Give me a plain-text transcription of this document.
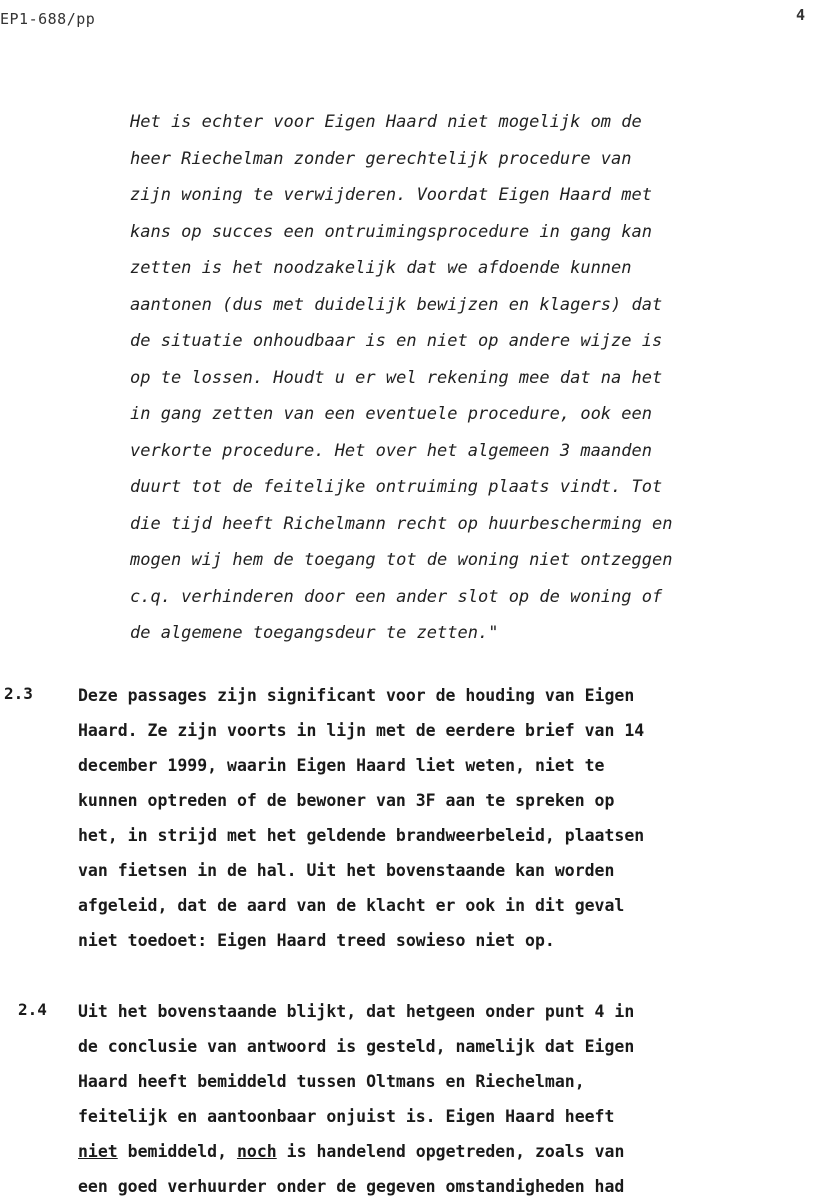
EP1-688/pp	4
Het is echter voor Eigen Haard niet mogelijk om de
heer Riechelman zonder gerechtelijk procedure van
zijn woning te verwijderen. Voordat Eigen Haard met
kans op succes een ontruimingsprocedure in gang kan
zetten is het noodzakelijk dat we afdoende kunnen
aantonen (dus met duidelijk bewijzen en klagers) dat
de situatie onhoudbaar is en niet op andere wijze is
op te lossen. Houdt u er wel rekening mee dat na het
in gang zetten van een eventuele procedure, ook een
verkorte procedure. Het over het algemeen 3 maanden
duurt tot de feitelijke ontruiming plaats vindt. Tot
die tijd heeft Richelmann recht op huurbescherming en
mogen wij hem de toegang tot de woning niet ontzeggen
c.q. verhinderen door een ander slot op de woning of
de algemene toegangsdeur te zetten."
2.3	Deze passages zijn significant voor de houding van Eigen
Haard. Ze zijn voorts in lijn met de eerdere brief van 14
december 1999, waarin Eigen Haard liet weten, niet te
kunnen optreden of de bewoner van 3F aan te spreken op
het, in strijd met het geldende brandweerbeleid, plaatsen
van fietsen in de hal. Uit het bovenstaande kan worden
afgeleid, dat de aard van de klacht er ook in dit geval
niet toedoet: Eigen Haard treed sowieso niet op.
2.4 Uit het bovenstaande blijkt, dat hetgeen onder punt 4 in
de conclusie van antwoord is gesteld, namelijk dat Eigen
Haard heeft bemiddeld tussen Oltmans en Riechelman,
feitelijk en aantoonbaar onjuist is. Eigen Haard heeft
niet bemiddeld, noch is handelend opgetreden, zoals van
een goed verhuurder onder de gegeven omstandigheden had
